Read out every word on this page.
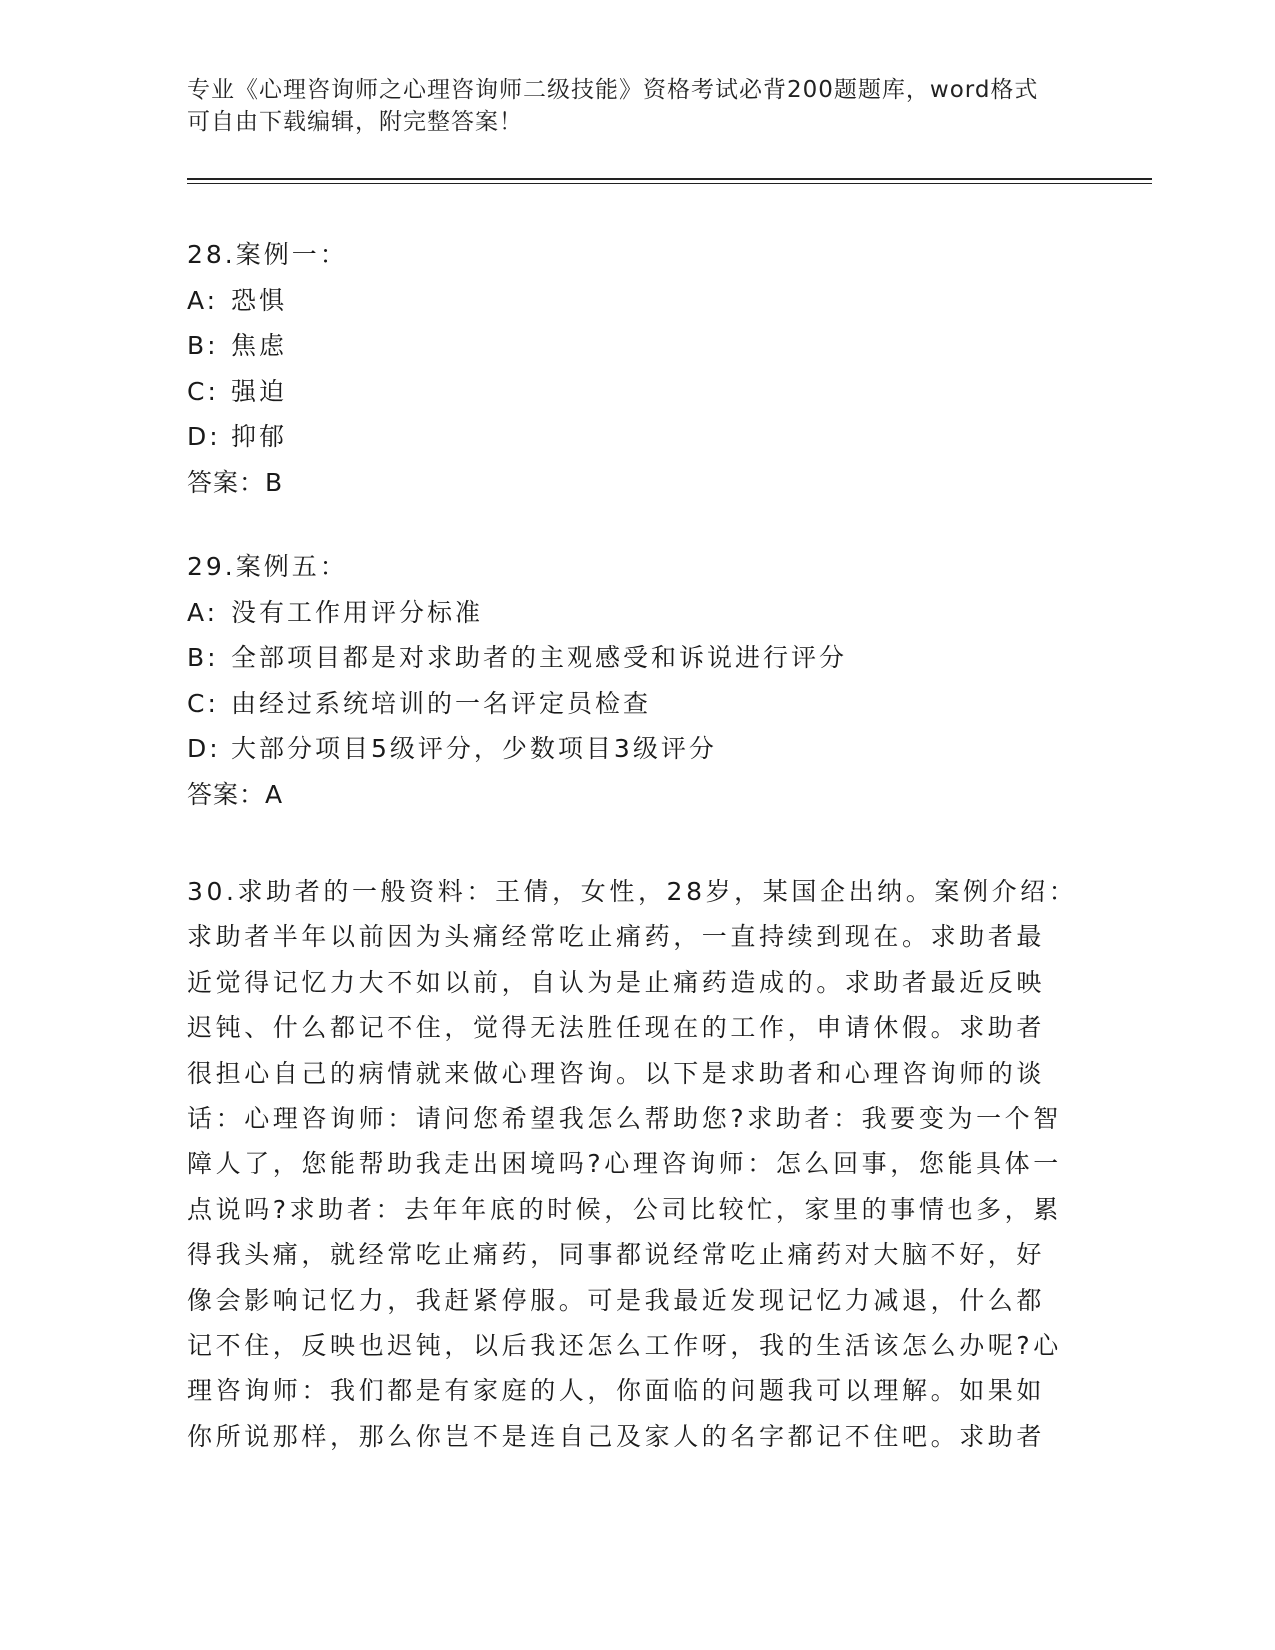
专业《心理咨询师之心理咨询师二级技能》资格考试必背200题题库，word格式
可自由下载编辑，附完整答案！
28.案例一：
A: 恐惧
B: 焦虑
C: 强迫
D: 抑郁
答案：B
29.案例五：
A: 没有工作用评分标准
B: 全部项目都是对求助者的主观感受和诉说进行评分
C: 由经过系统培训的一名评定员检查
D: 大部分项目5级评分，少数项目3级评分
答案：A
30.求助者的一般资料：王倩，女性，28岁，某国企出纳。案例介绍：
求助者半年以前因为头痛经常吃止痛药，一直持续到现在。求助者最
近觉得记忆力大不如以前，自认为是止痛药造成的。求助者最近反映
迟钝、什么都记不住，觉得无法胜任现在的工作，申请休假。求助者
很担心自己的病情就来做心理咨询。以下是求助者和心理咨询师的谈
话：心理咨询师：请问您希望我怎么帮助您?求助者：我要变为一个智
障人了，您能帮助我走出困境吗?心理咨询师：怎么回事，您能具体一
点说吗?求助者：去年年底的时候，公司比较忙，家里的事情也多，累
得我头痛，就经常吃止痛药，同事都说经常吃止痛药对大脑不好，好
像会影响记忆力，我赶紧停服。可是我最近发现记忆力减退，什么都
记不住，反映也迟钝，以后我还怎么工作呀，我的生活该怎么办呢?心
理咨询师：我们都是有家庭的人，你面临的问题我可以理解。如果如
你所说那样，那么你岂不是连自己及家人的名字都记不住吧。求助者
